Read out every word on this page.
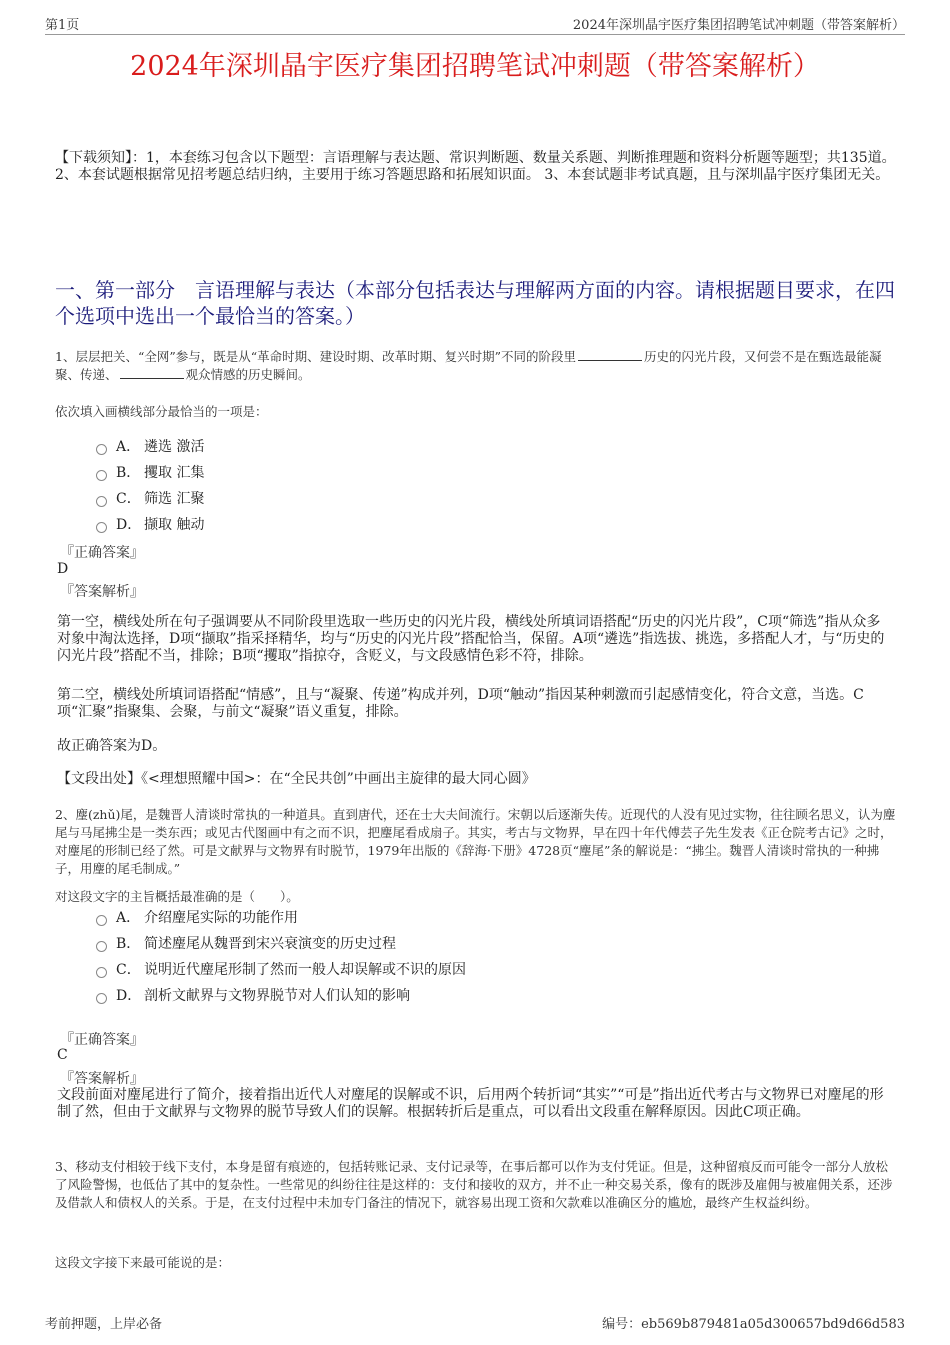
第1页	2024年深圳晶宇医疗集团招聘笔试冲刺题（带答案解析）
2024年深圳晶宇医疗集团招聘笔试冲刺题（带答案解析）
【下载须知】：1，本套练习包含以下题型：言语理解与表达题、常识判断题、数量关系题、判断推理题和资料分析题等题型；共135道。 2、本套试题根据常见招考题总结归纳，主要用于练习答题思路和拓展知识面。 3、本套试题非考试真题，且与深圳晶宇医疗集团无关。
一、第一部分　言语理解与表达（本部分包括表达与理解两方面的内容。请根据题目要求，在四个选项中选出一个最恰当的答案。）
1、层层把关、“全网”参与，既是从“革命时期、建设时期、改革时期、复兴时期”不同的阶段里	历史的闪光片段，又何尝不是在甄选最能凝聚、传递、	观众情感的历史瞬间。
依次填入画横线部分最恰当的一项是：
A． 遴选 激活
B． 攫取 汇集
C． 筛选 汇聚
D． 撷取 触动
『正确答案』
D
『答案解析』
第一空，横线处所在句子强调要从不同阶段里选取一些历史的闪光片段，横线处所填词语搭配“历史的闪光片段”，C项“筛选”指从众多对象中淘汰选择，D项“撷取”指采择精华，均与“历史的闪光片段”搭配恰当，保留。A项“遴选”指选拔、挑选，多搭配人才，与“历史的闪光片段”搭配不当，排除；B项“攫取”指掠夺，含贬义，与文段感情色彩不符，排除。
第二空，横线处所填词语搭配“情感”，且与“凝聚、传递”构成并列，D项“触动”指因某种刺激而引起感情变化，符合文意，当选。C项“汇聚”指聚集、会聚，与前文“凝聚”语义重复，排除。
故正确答案为D。
【文段出处】《<理想照耀中国>：在“全民共创”中画出主旋律的最大同心圆》
2、麈(zhǔ)尾，是魏晋人清谈时常执的一种道具。直到唐代，还在士大夫间流行。宋朝以后逐渐失传。近现代的人没有见过实物，往往顾名思义，认为麈尾与马尾拂尘是一类东西；或见古代图画中有之而不识，把麈尾看成扇子。其实，考古与文物界，早在四十年代傅芸子先生发表《正仓院考古记》之时，对麈尾的形制已经了然。可是文献界与文物界有时脱节，1979年出版的《辞海·下册》4728页“麈尾”条的解说是：“拂尘。魏晋人清谈时常执的一种拂子，用麈的尾毛制成。”
对这段文字的主旨概括最准确的是（　　）。
A． 介绍麈尾实际的功能作用
B． 简述麈尾从魏晋到宋兴衰演变的历史过程
C． 说明近代麈尾形制了然而一般人却误解或不识的原因
D． 剖析文献界与文物界脱节对人们认知的影响
『正确答案』
C
『答案解析』
文段前面对麈尾进行了简介，接着指出近代人对麈尾的误解或不识，后用两个转折词“其实”“可是”指出近代考古与文物界已对麈尾的形制了然，但由于文献界与文物界的脱节导致人们的误解。根据转折后是重点，可以看出文段重在解释原因。因此C项正确。
3、移动支付相较于线下支付，本身是留有痕迹的，包括转账记录、支付记录等，在事后都可以作为支付凭证。但是，这种留痕反而可能令一部分人放松了风险警惕，也低估了其中的复杂性。一些常见的纠纷往往是这样的：支付和接收的双方，并不止一种交易关系，像有的既涉及雇佣与被雇佣关系，还涉及借款人和债权人的关系。于是，在支付过程中未加专门备注的情况下，就容易出现工资和欠款难以准确区分的尴尬，最终产生权益纠纷。
这段文字接下来最可能说的是：
考前押题，上岸必备	编号：eb569b879481a05d300657bd9d66d583
